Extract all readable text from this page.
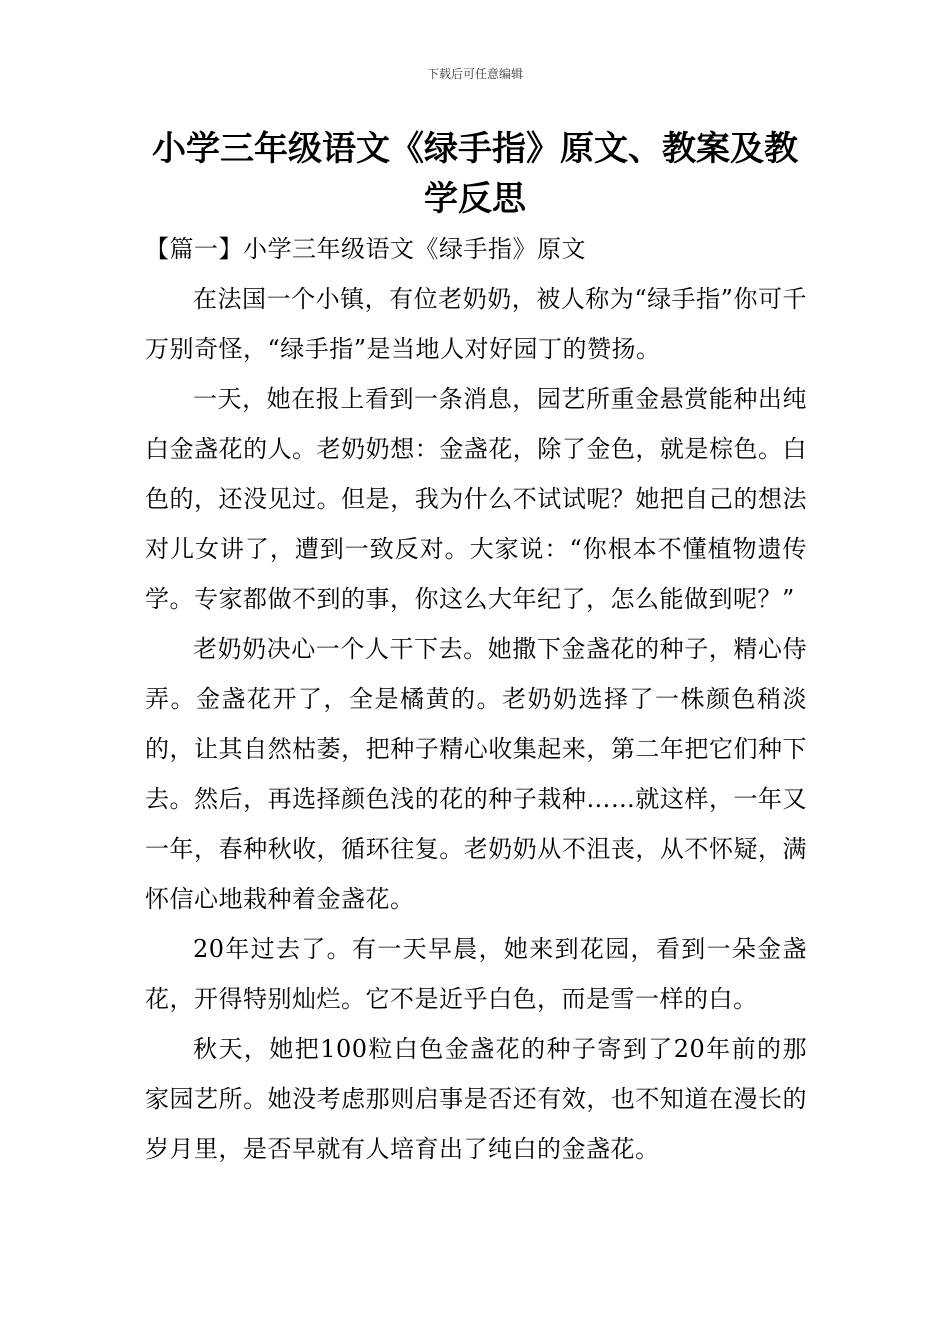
下载后可任意编辑
小学三年级语文《绿手指》原文、教案及教学反思

【篇一】小学三年级语文《绿手指》原文

在法国一个小镇，有位老奶奶，被人称为“绿手指”你可千万别奇怪，“绿手指”是当地人对好园丁的赞扬。

一天，她在报上看到一条消息，园艺所重金悬赏能种出纯白金盏花的人。老奶奶想：金盏花，除了金色，就是棕色。白色的，还没见过。但是，我为什么不试试呢？她把自己的想法对儿女讲了，遭到一致反对。大家说：“你根本不懂植物遗传学。专家都做不到的事，你这么大年纪了，怎么能做到呢？”

老奶奶决心一个人干下去。她撒下金盏花的种子，精心侍弄。金盏花开了，全是橘黄的。老奶奶选择了一株颜色稍淡的，让其自然枯萎，把种子精心收集起来，第二年把它们种下去。然后，再选择颜色浅的花的种子栽种……就这样，一年又一年，春种秋收，循环往复。老奶奶从不沮丧，从不怀疑，满怀信心地栽种着金盏花。

20年过去了。有一天早晨，她来到花园，看到一朵金盏花，开得特别灿烂。它不是近乎白色，而是雪一样的白。

秋天，她把100粒白色金盏花的种子寄到了20年前的那家园艺所。她没考虑那则启事是否还有效，也不知道在漫长的岁月里，是否早就有人培育出了纯白的金盏花。
